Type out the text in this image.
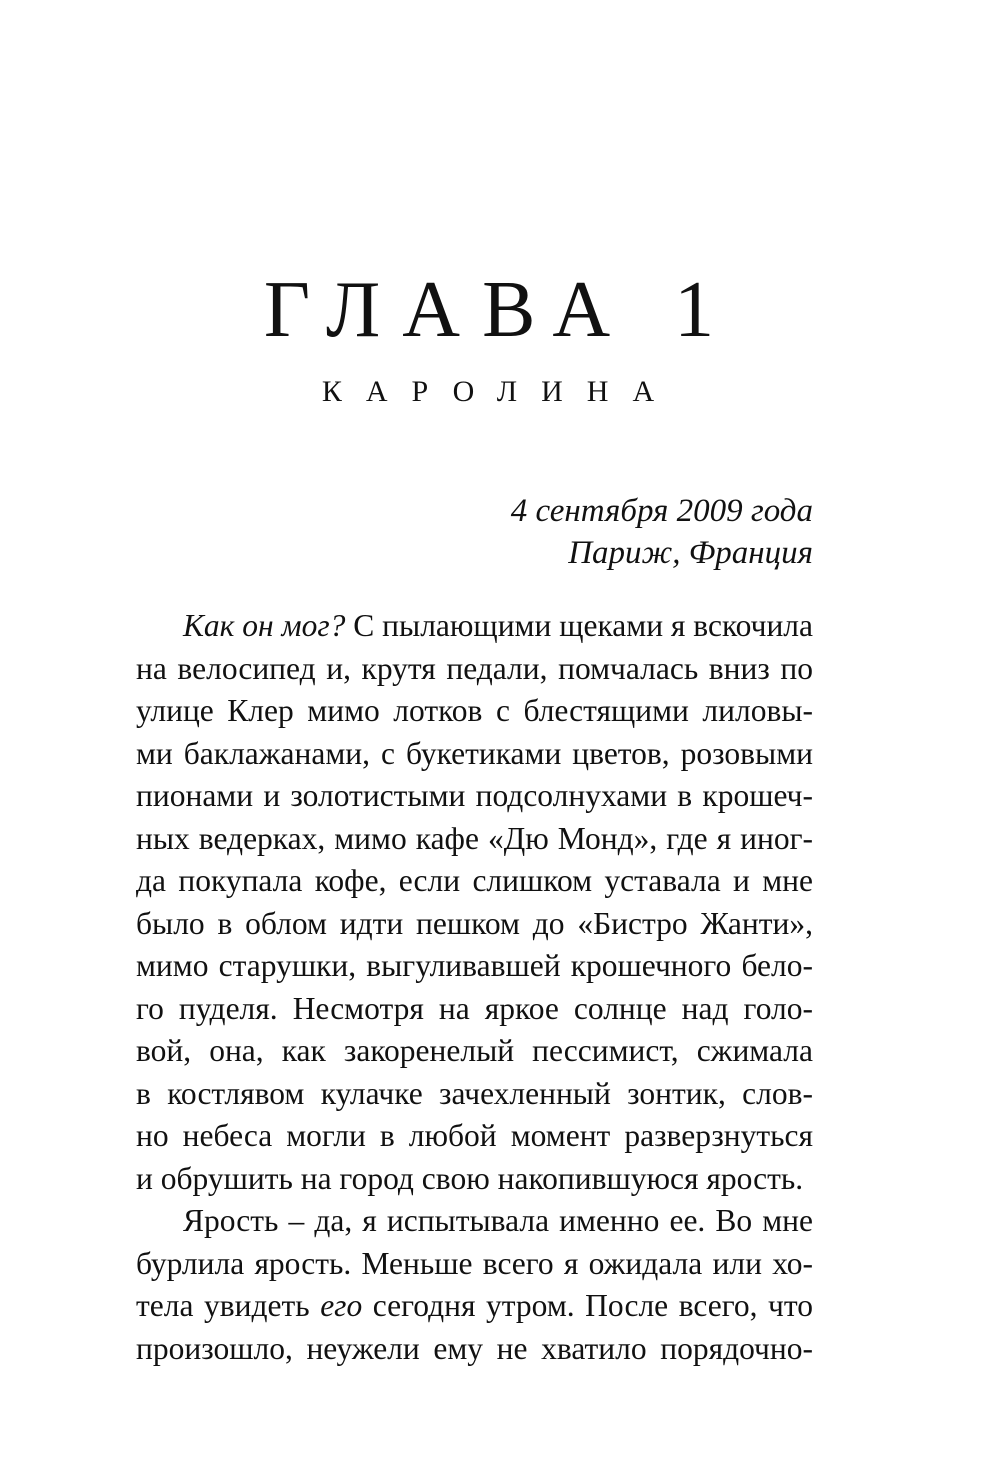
ГЛАВА 1
КАРОЛИНА
4 сентября 2009 года
Париж, Франция
Как он мог? С пылающими щеками я вскочила
на велосипед и, крутя педали, помчалась вниз по
улице Клер мимо лотков с блестящими лиловы-
ми баклажанами, с букетиками цветов, розовыми
пионами и золотистыми подсолнухами в крошеч-
ных ведерках, мимо кафе «Дю Монд», где я иног-
да покупала кофе, если слишком уставала и мне
было в облом идти пешком до «Бистро Жанти»,
мимо старушки, выгуливавшей крошечного бело-
го пуделя. Несмотря на яркое солнце над голо-
вой, она, как закоренелый пессимист, сжимала
в костлявом кулачке зачехленный зонтик, слов-
но небеса могли в любой момент разверзнуться
и обрушить на город свою накопившуюся ярость.
Ярость – да, я испытывала именно ее. Во мне
бурлила ярость. Меньше всего я ожидала или хо-
тела увидеть его сегодня утром. После всего, что
произошло, неужели ему не хватило порядочно-
